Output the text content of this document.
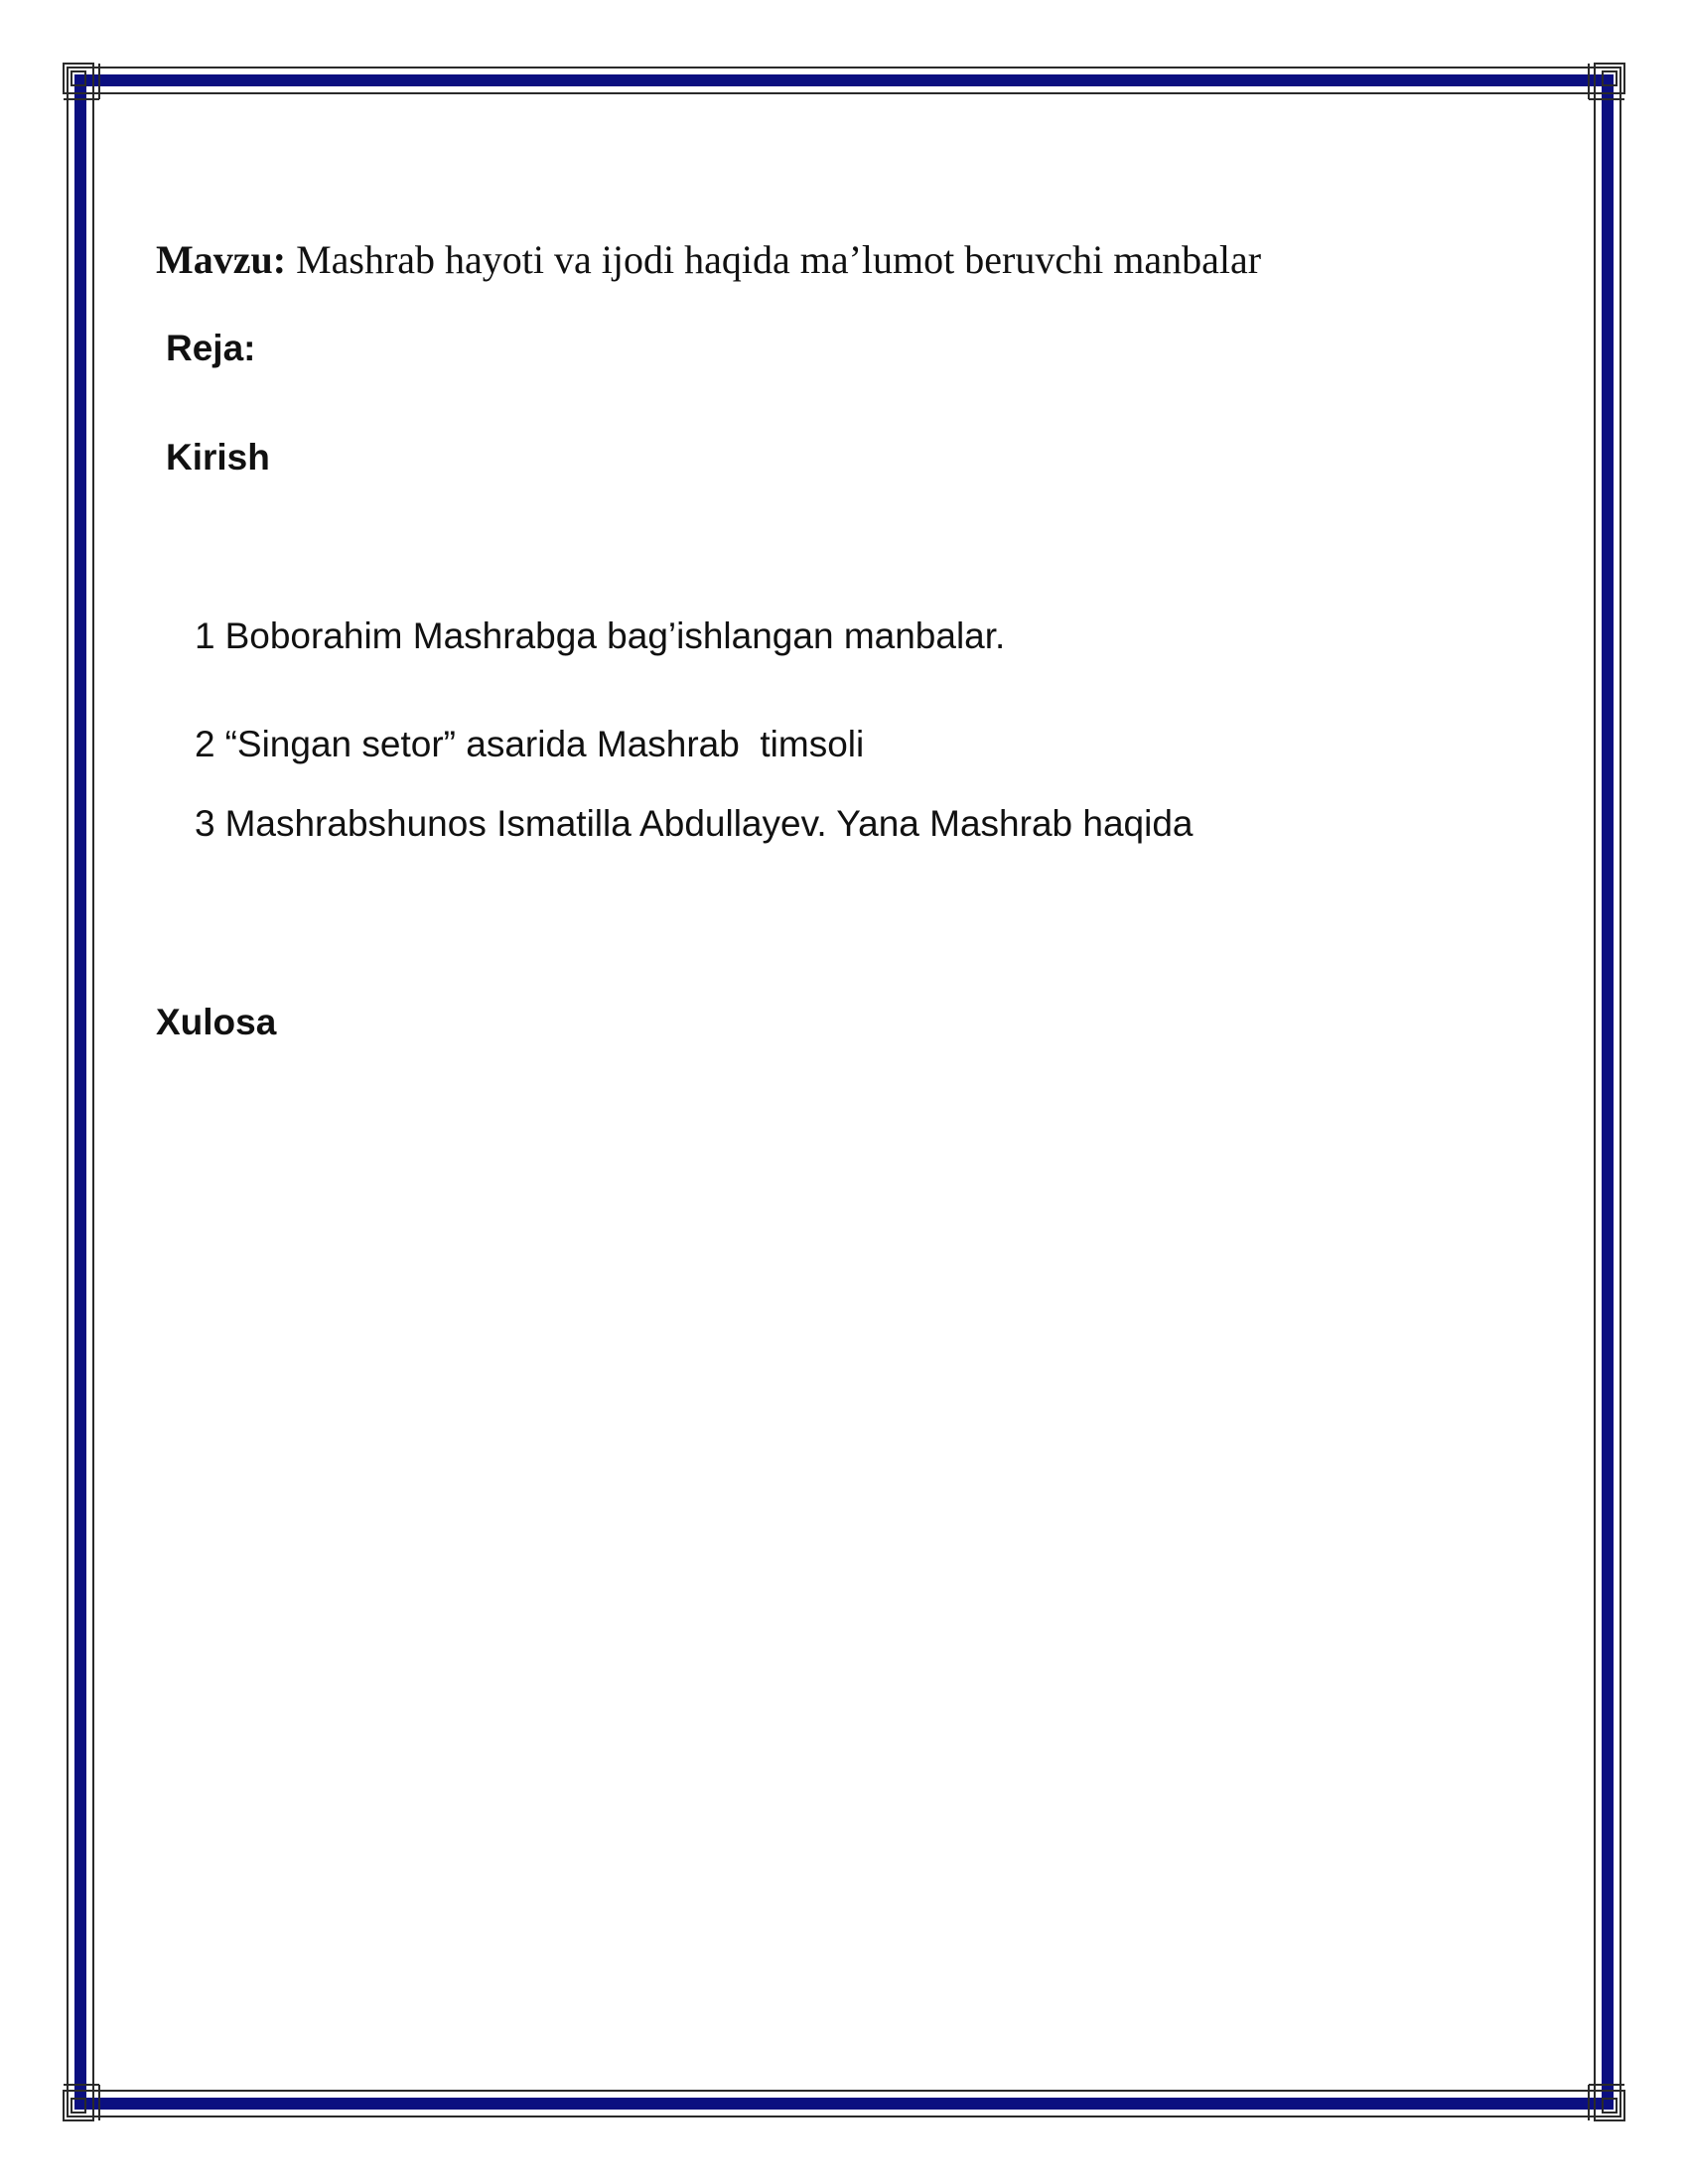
Mavzu: Mashrab hayoti va ijodi haqida ma’lumot beruvchi manbalar
Reja:
Kirish
1 Boborahim Mashrabga bag’ishlangan manbalar.
2 “Singan setor” asarida Mashrab  timsoli
3 Mashrabshunos Ismatilla Abdullayev. Yana Mashrab haqida
Xulosa
